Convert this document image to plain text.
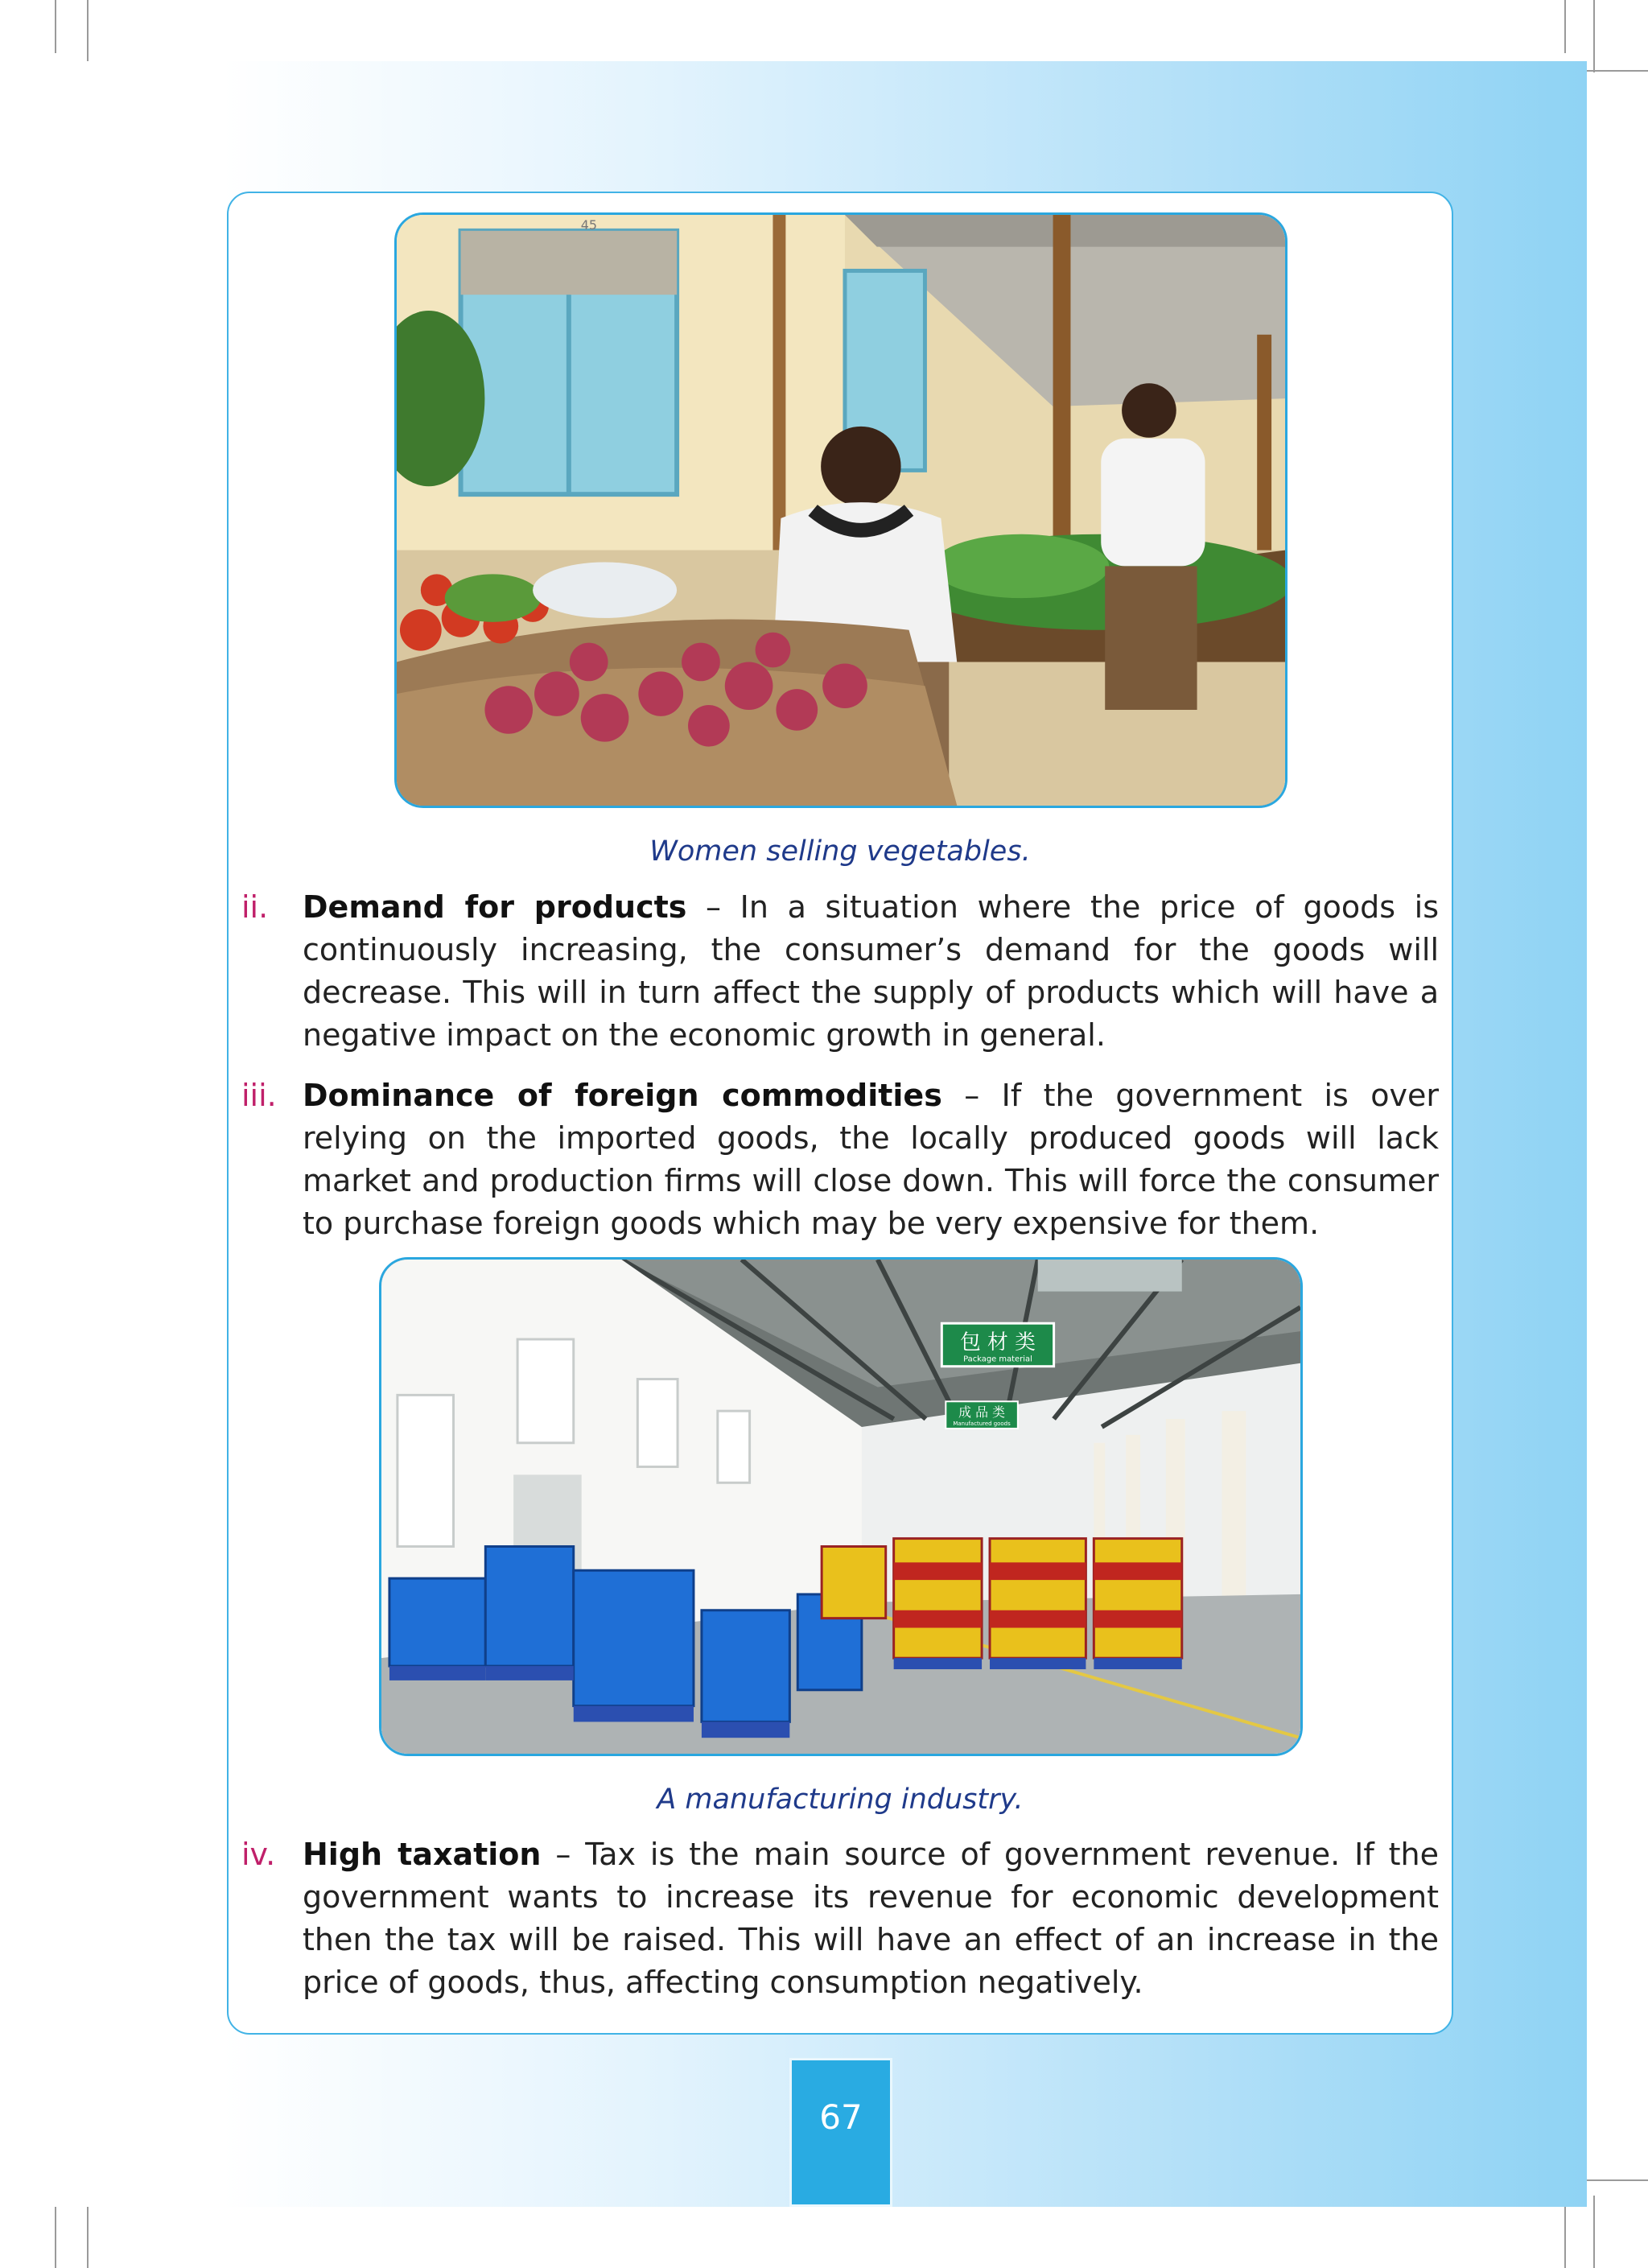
45
Women selling vegetables.
ii. Demand for products – In a situation where the price of goods is continuously increasing, the consumer’s demand for the goods will decrease. This will in turn affect the supply of products which will have a negative impact on the economic growth in general.
iii. Dominance of foreign commodities – If the government is over relying on the imported goods, the locally produced goods will lack market and production firms will close down. This will force the consumer to purchase foreign goods which may be very expensive for them.
包 材 类
Package material
成 品 类
Manufactured goods
A manufacturing industry.
iv. High taxation – Tax is the main source of government revenue. If the government wants to increase its revenue for economic development then the tax will be raised. This will have an effect of an increase in the price of goods, thus, affecting consumption negatively.
67
